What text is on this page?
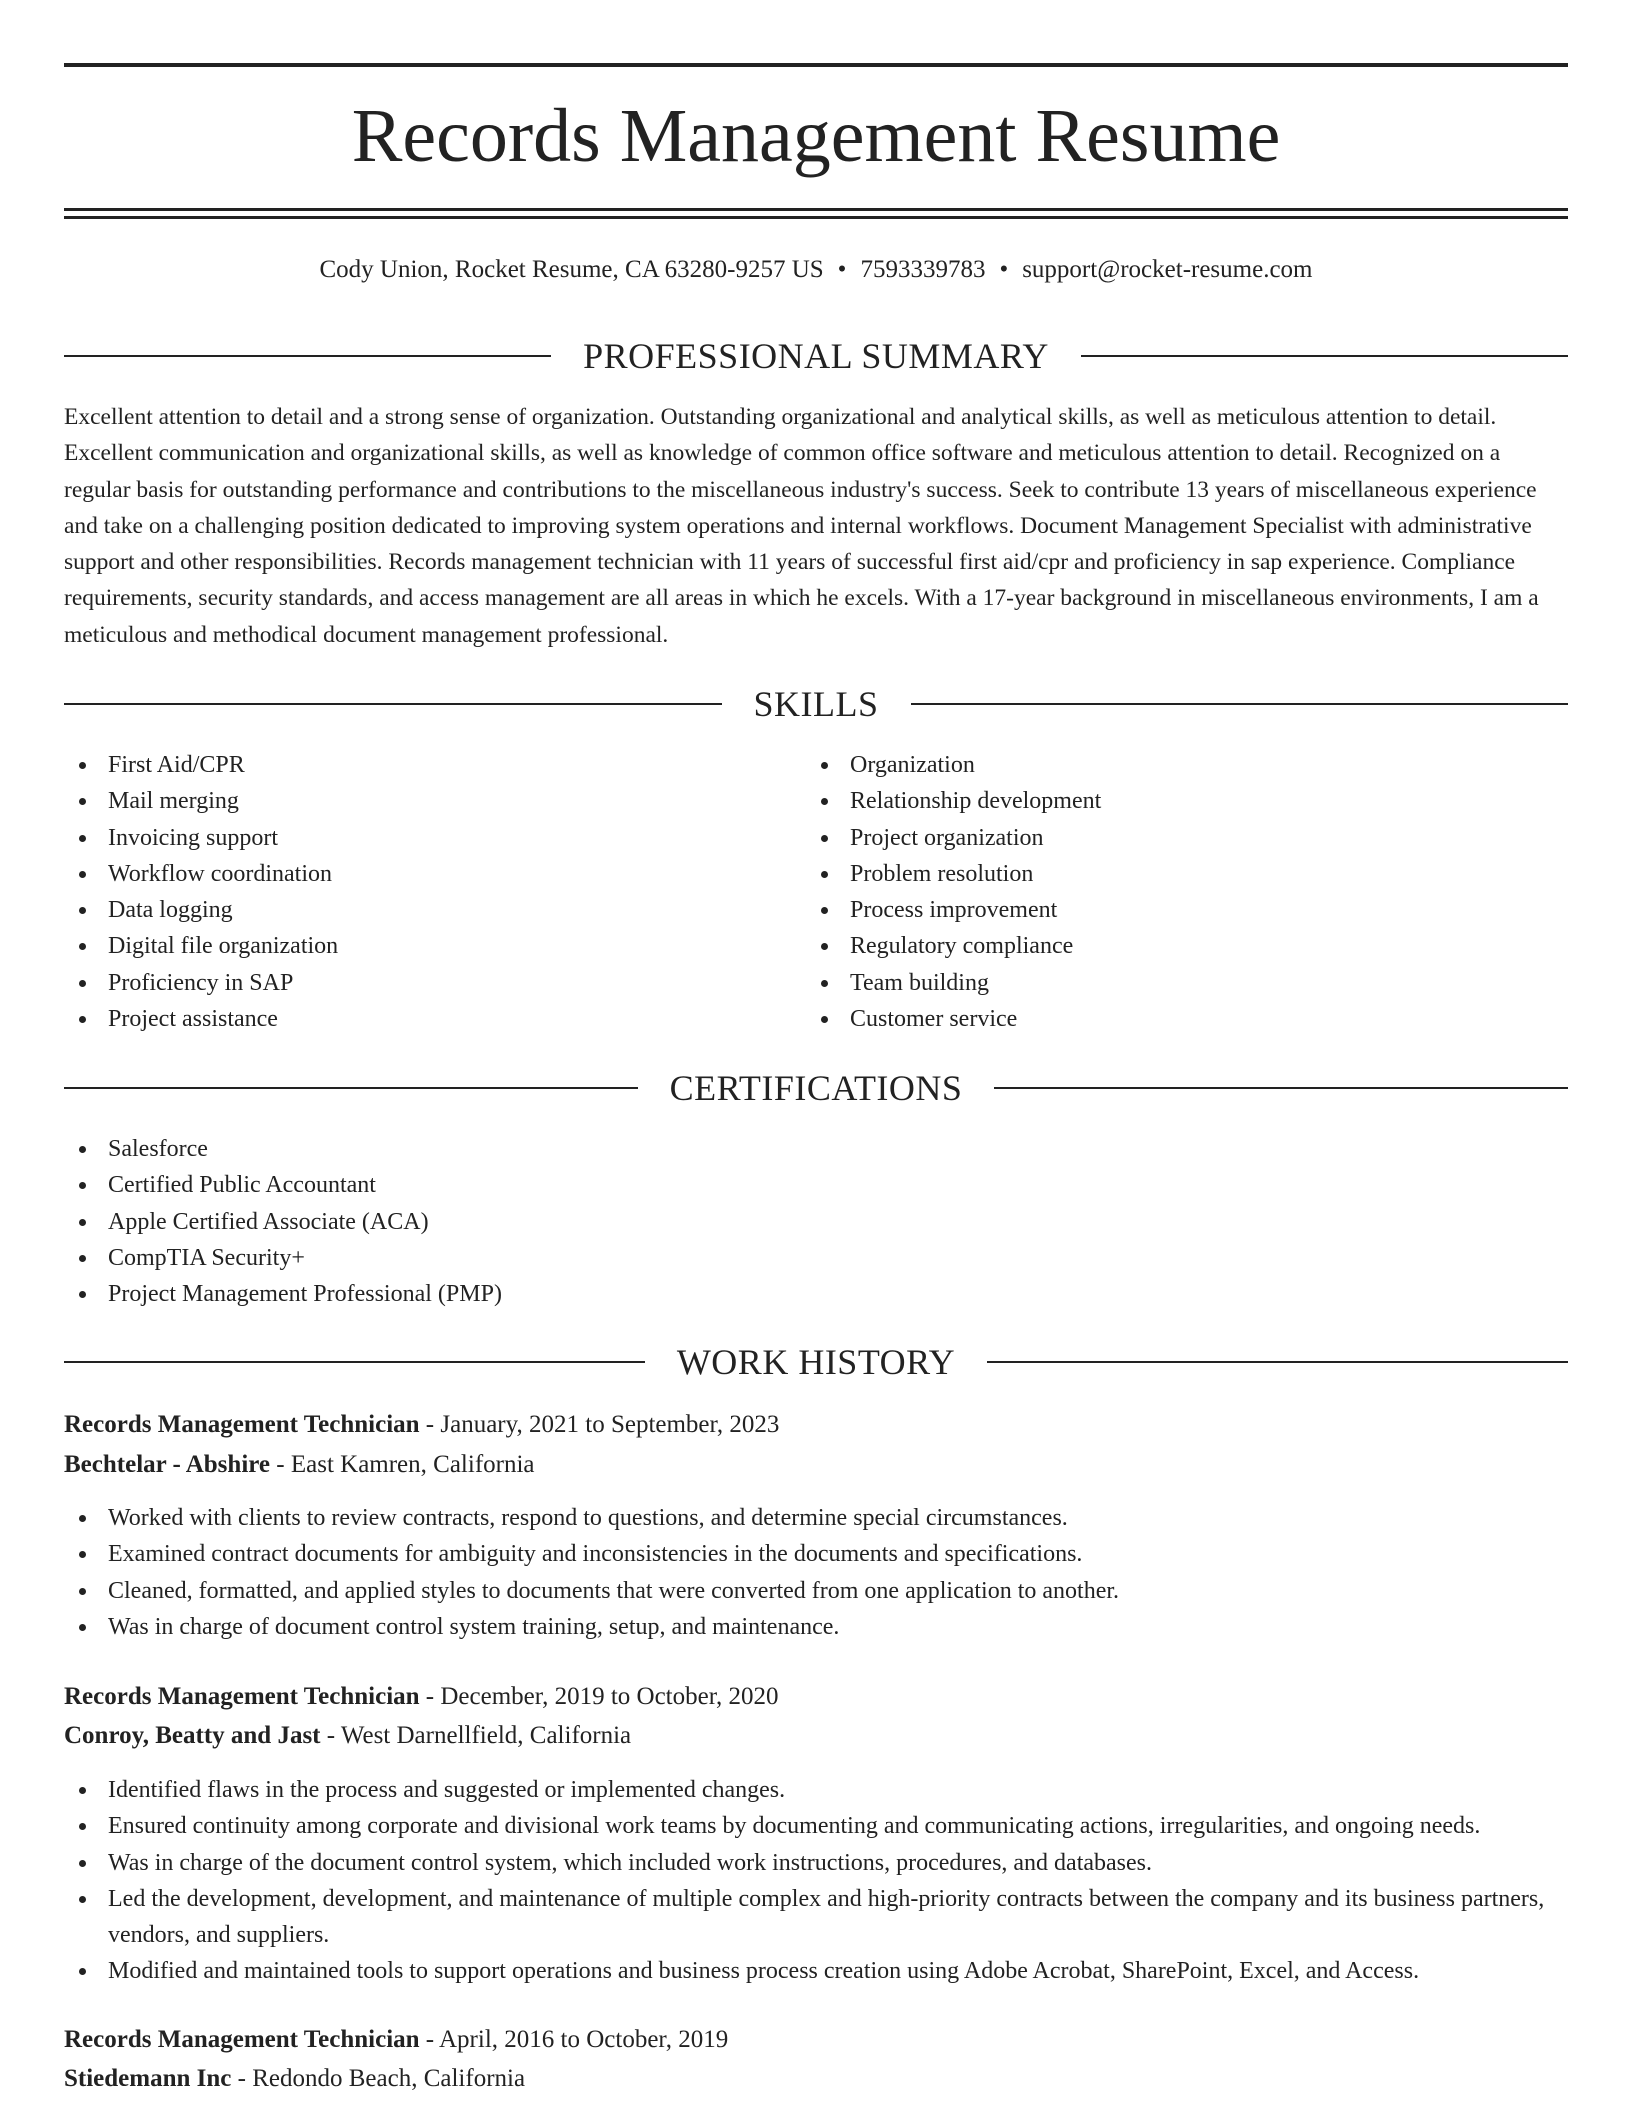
Records Management Resume
Cody Union, Rocket Resume, CA 63280-9257 US • 7593339783 • support@rocket-resume.com
PROFESSIONAL SUMMARY

Excellent attention to detail and a strong sense of organization. Outstanding organizational and analytical skills, as well as meticulous attention to detail. Excellent communication and organizational skills, as well as knowledge of common office software and meticulous attention to detail. Recognized on a regular basis for outstanding performance and contributions to the miscellaneous industry's success. Seek to contribute 13 years of miscellaneous experience and take on a challenging position dedicated to improving system operations and internal workflows. Document Management Specialist with administrative support and other responsibilities. Records management technician with 11 years of successful first aid/cpr and proficiency in sap experience. Compliance requirements, security standards, and access management are all areas in which he excels. With a 17-year background in miscellaneous environments, I am a meticulous and methodical document management professional.

SKILLS
First Aid/CPR
Mail merging
Invoicing support
Workflow coordination
Data logging
Digital file organization
Proficiency in SAP
Project assistance
Organization
Relationship development
Project organization
Problem resolution
Process improvement
Regulatory compliance
Team building
Customer service
CERTIFICATIONS
Salesforce
Certified Public Accountant
Apple Certified Associate (ACA)
CompTIA Security+
Project Management Professional (PMP)
WORK HISTORY
Records Management Technician - January, 2021 to September, 2023
Bechtelar - Abshire - East Kamren, California
Worked with clients to review contracts, respond to questions, and determine special circumstances.
Examined contract documents for ambiguity and inconsistencies in the documents and specifications.
Cleaned, formatted, and applied styles to documents that were converted from one application to another.
Was in charge of document control system training, setup, and maintenance.
Records Management Technician - December, 2019 to October, 2020
Conroy, Beatty and Jast - West Darnellfield, California
Identified flaws in the process and suggested or implemented changes.
Ensured continuity among corporate and divisional work teams by documenting and communicating actions, irregularities, and ongoing needs.
Was in charge of the document control system, which included work instructions, procedures, and databases.
Led the development, development, and maintenance of multiple complex and high-priority contracts between the company and its business partners, vendors, and suppliers.
Modified and maintained tools to support operations and business process creation using Adobe Acrobat, SharePoint, Excel, and Access.
Records Management Technician - April, 2016 to October, 2019
Stiedemann Inc - Redondo Beach, California
